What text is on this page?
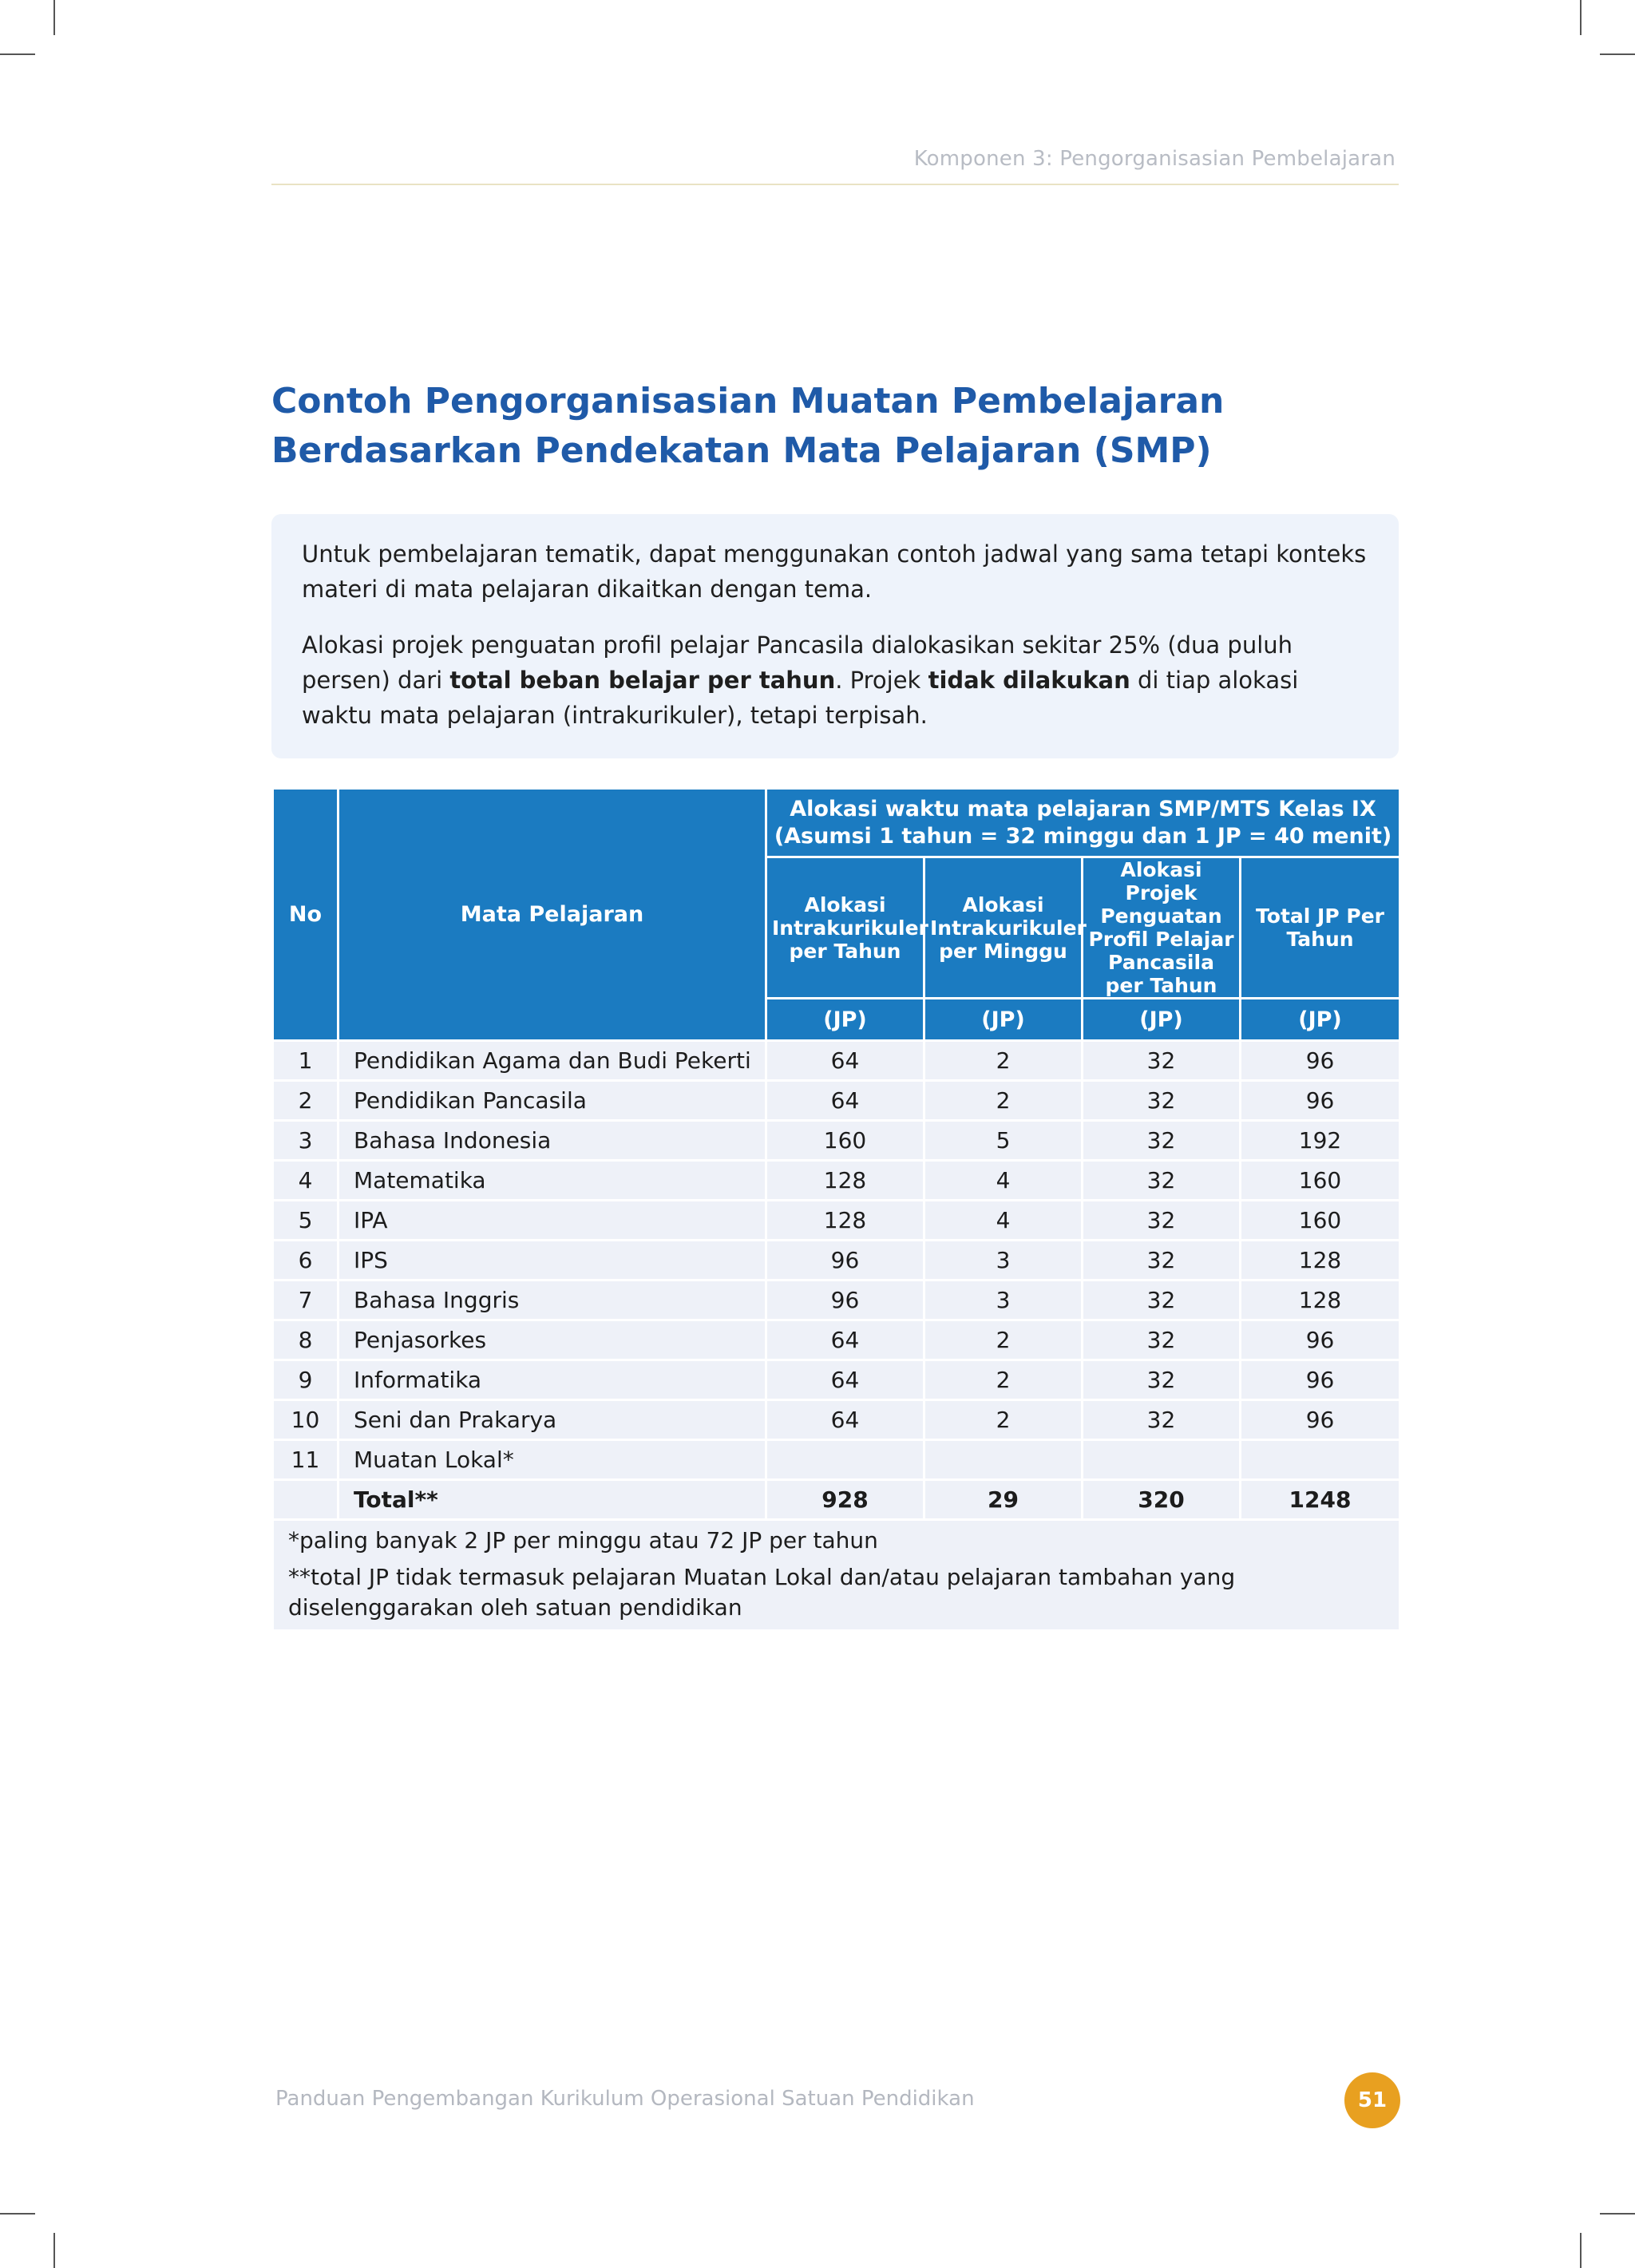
Komponen 3: Pengorganisasian Pembelajaran
Contoh Pengorganisasian Muatan Pembelajaran Berdasarkan Pendekatan Mata Pelajaran (SMP)

Untuk pembelajaran tematik, dapat menggunakan contoh jadwal yang sama tetapi konteks materi di mata pelajaran dikaitkan dengan tema.

Alokasi projek penguatan profil pelajar Pancasila dialokasikan sekitar 25% (dua puluh persen) dari total beban belajar per tahun. Projek tidak dilakukan di tiap alokasi waktu mata pelajaran (intrakurikuler), tetapi terpisah.

No	Mata Pelajaran	Alokasi waktu mata pelajaran SMP/MTS Kelas IX
(Asumsi 1 tahun = 32 minggu dan 1 JP = 40 menit)			

		Alokasi Intrakurikuler per Tahun	Alokasi Intrakurikuler per Minggu	Alokasi Projek Penguatan Profil Pelajar Pancasila per Tahun	Total JP Per Tahun
		(JP)	(JP)	(JP)	(JP)
1	Pendidikan Agama dan Budi Pekerti	64	2	32	96
2	Pendidikan Pancasila	64	2	32	96
3	Bahasa Indonesia	160	5	32	192
4	Matematika	128	4	32	160
5	IPA	128	4	32	160
6	IPS	96	3	32	128
7	Bahasa Inggris	96	3	32	128
8	Penjasorkes	64	2	32	96
9	Informatika	64	2	32	96
10	Seni dan Prakarya	64	2	32	96
11	Muatan Lokal*				
	Total**	928	29	320	1248

*paling banyak 2 JP per minggu atau 72 JP per tahun
**total JP tidak termasuk pelajaran Muatan Lokal dan/atau pelajaran tambahan yang diselenggarakan oleh satuan pendidikan					
Panduan Pengembangan Kurikulum Operasional Satuan Pendidikan	51
